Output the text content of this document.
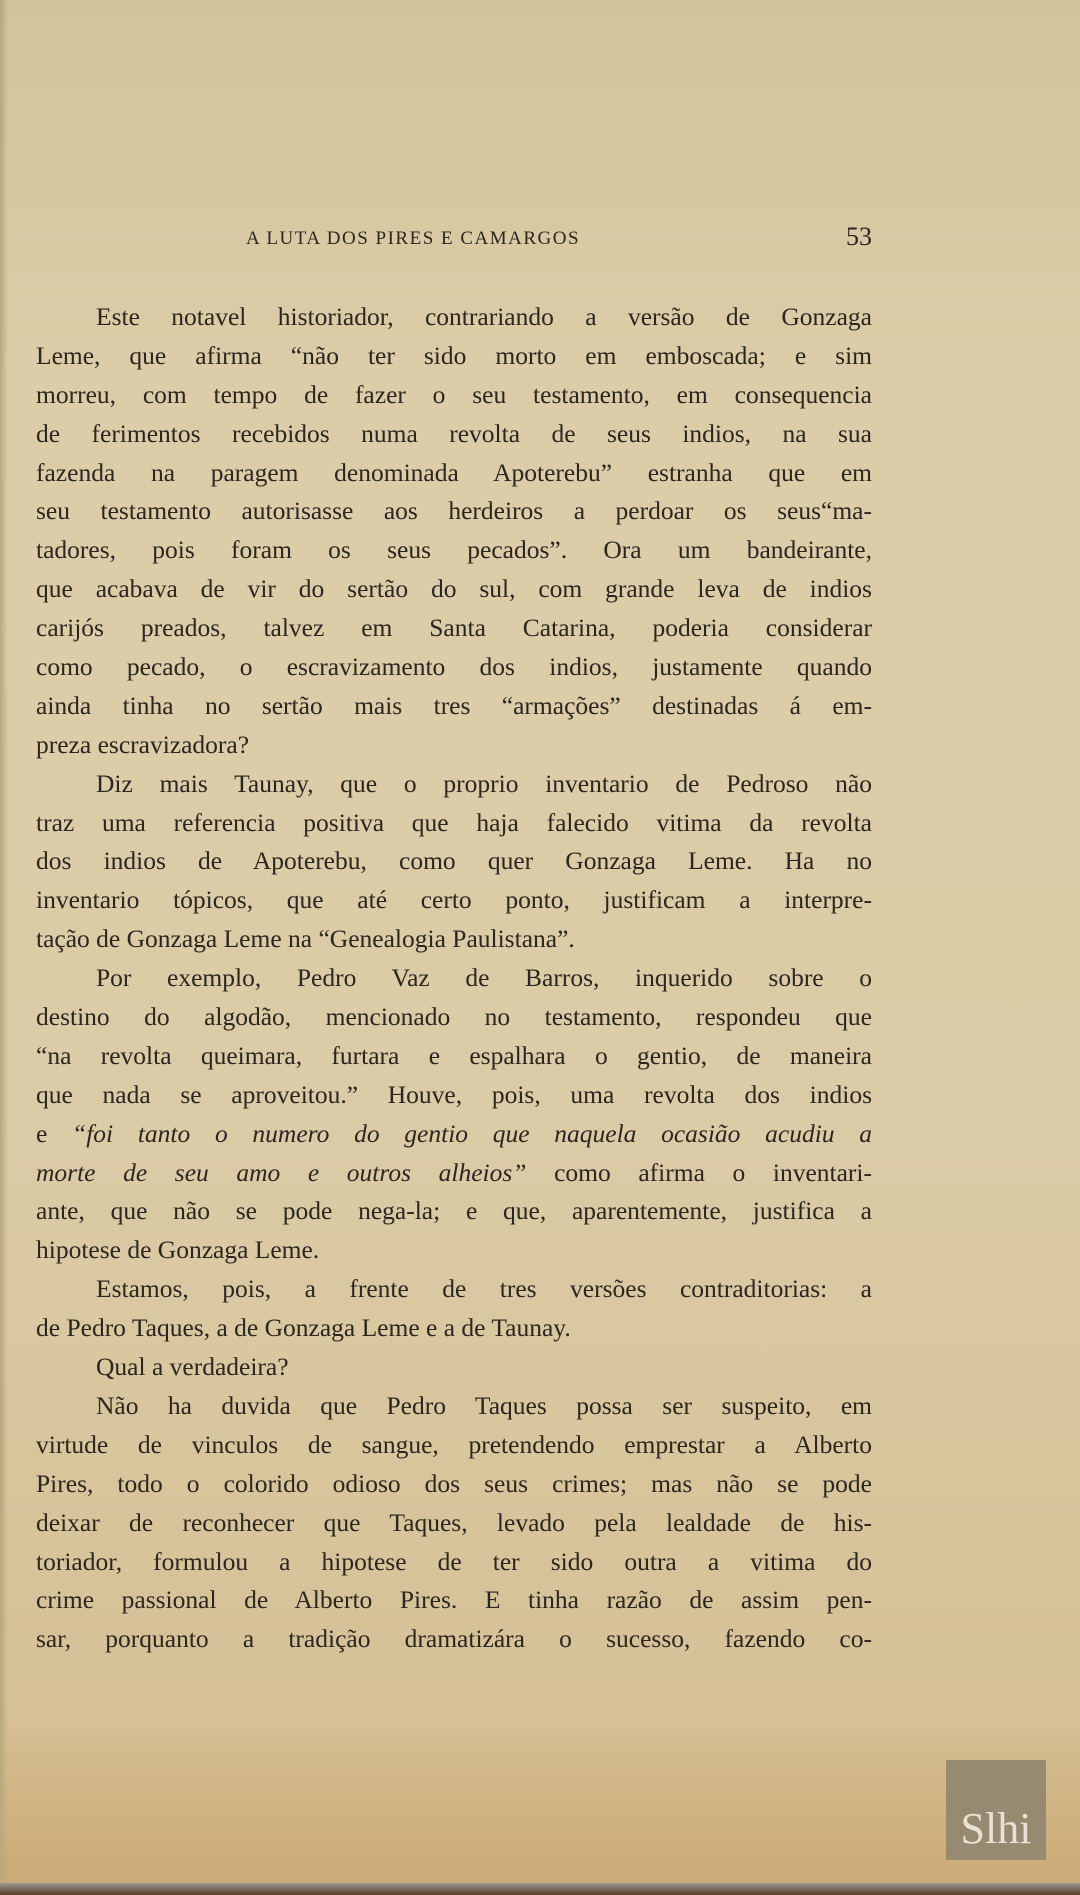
A LUTA DOS PIRES E CAMARGOS	53
Este notavel historiador, contrariando a versão de Gonzaga
Leme, que afirma “não ter sido morto em emboscada; e sim
morreu, com tempo de fazer o seu testamento, em consequencia
de ferimentos recebidos numa revolta de seus indios, na sua
fazenda na paragem denominada Apoterebu” estranha que em
seu testamento autorisasse aos herdeiros a perdoar os seus“ma-
tadores, pois foram os seus pecados”. Ora um bandeirante,
que acabava de vir do sertão do sul, com grande leva de indios
carijós preados, talvez em Santa Catarina, poderia considerar
como pecado, o escravizamento dos indios, justamente quando
ainda tinha no sertão mais tres “armações” destinadas á em-
preza escravizadora?
Diz mais Taunay, que o proprio inventario de Pedroso não
traz uma referencia positiva que haja falecido vitima da revolta
dos indios de Apoterebu, como quer Gonzaga Leme. Ha no
inventario tópicos, que até certo ponto, justificam a interpre-
tação de Gonzaga Leme na “Genealogia Paulistana”.
Por exemplo, Pedro Vaz de Barros, inquerido sobre o
destino do algodão, mencionado no testamento, respondeu que
“na revolta queimara, furtara e espalhara o gentio, de maneira
que nada se aproveitou.” Houve, pois, uma revolta dos indios
e “foi tanto o numero do gentio que naquela ocasião acudiu a
morte de seu amo e outros alheios” como afirma o inventari-
ante, que não se pode nega-la; e que, aparentemente, justifica a
hipotese de Gonzaga Leme.
Estamos, pois, a frente de tres versões contraditorias: a
de Pedro Taques, a de Gonzaga Leme e a de Taunay.
Qual a verdadeira?
Não ha duvida que Pedro Taques possa ser suspeito, em
virtude de vinculos de sangue, pretendendo emprestar a Alberto
Pires, todo o colorido odioso dos seus crimes; mas não se pode
deixar de reconhecer que Taques, levado pela lealdade de his-
toriador, formulou a hipotese de ter sido outra a vitima do
crime passional de Alberto Pires. E tinha razão de assim pen-
sar, porquanto a tradição dramatizára o sucesso, fazendo co-
Slhi
